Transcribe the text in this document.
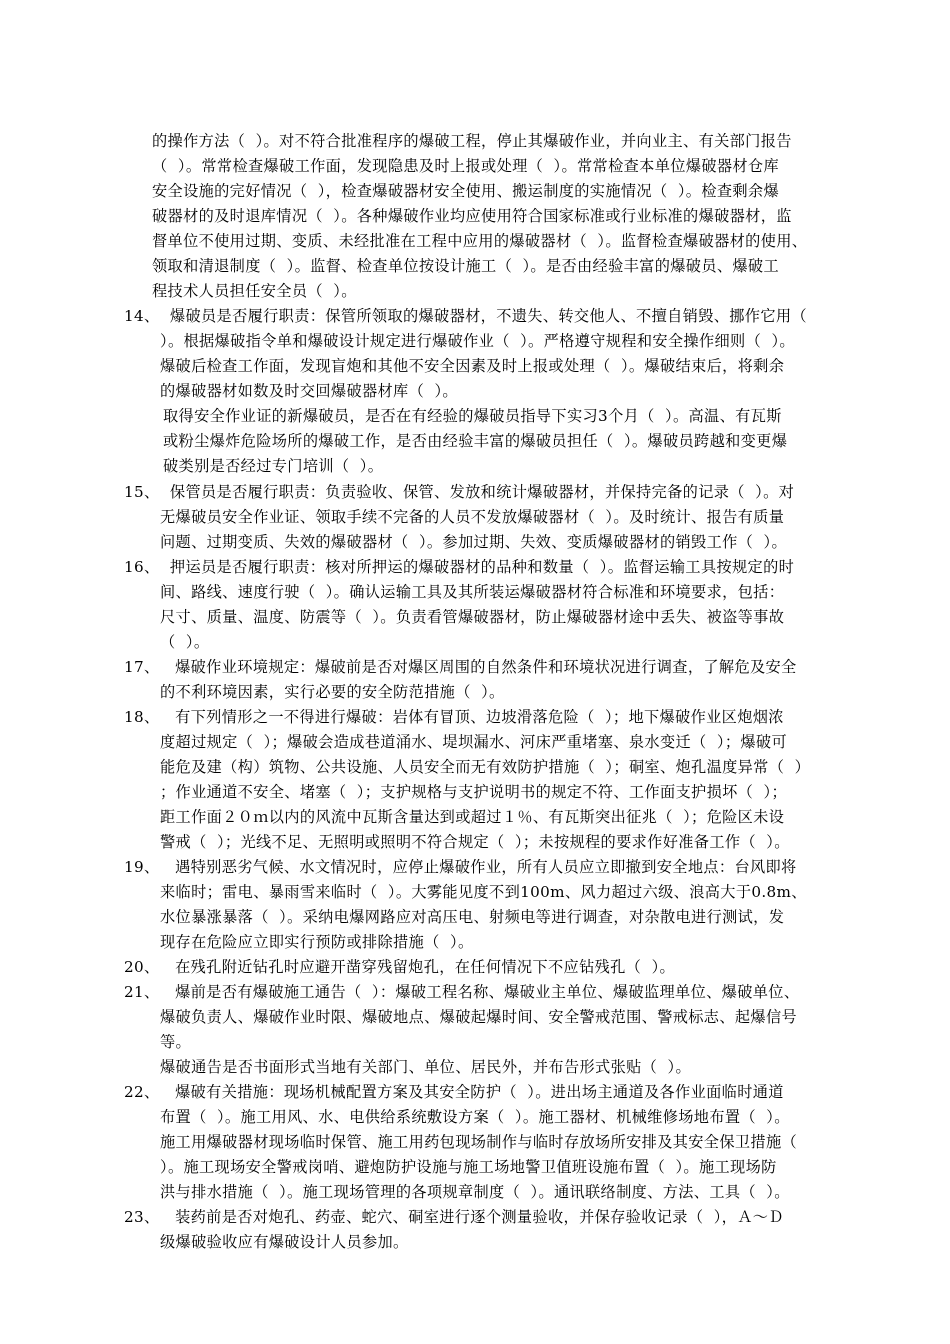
的操作方法（  ）。对不符合批准程序的爆破工程，停止其爆破作业，并向业主、有关部门报告
（  ）。常常检查爆破工作面，发现隐患及时上报或处理（  ）。常常检查本单位爆破器材仓库
安全设施的完好情况（  ），检查爆破器材安全使用、搬运制度的实施情况（  ）。检查剩余爆
破器材的及时退库情况（  ）。各种爆破作业均应使用符合国家标准或行业标准的爆破器材，监
督单位不使用过期、变质、未经批准在工程中应用的爆破器材（  ）。监督检查爆破器材的使用、
领取和清退制度（  ）。监督、检查单位按设计施工（  ）。是否由经验丰富的爆破员、爆破工
程技术人员担任安全员（  ）。
14、  爆破员是否履行职责：保管所领取的爆破器材，不遗失、转交他人、不擅自销毁、挪作它用（
）。根据爆破指令单和爆破设计规定进行爆破作业（  ）。严格遵守规程和安全操作细则（  ）。
爆破后检查工作面，发现盲炮和其他不安全因素及时上报或处理（  ）。爆破结束后，将剩余
的爆破器材如数及时交回爆破器材库（  ）。
取得安全作业证的新爆破员，是否在有经验的爆破员指导下实习3个月（  ）。高温、有瓦斯
或粉尘爆炸危险场所的爆破工作，是否由经验丰富的爆破员担任（  ）。爆破员跨越和变更爆
破类别是否经过专门培训（  ）。
15、  保管员是否履行职责：负责验收、保管、发放和统计爆破器材，并保持完备的记录（  ）。对
无爆破员安全作业证、领取手续不完备的人员不发放爆破器材（  ）。及时统计、报告有质量
问题、过期变质、失效的爆破器材（  ）。参加过期、失效、变质爆破器材的销毁工作（  ）。
16、  押运员是否履行职责：核对所押运的爆破器材的品种和数量（  ）。监督运输工具按规定的时
间、路线、速度行驶（  ）。确认运输工具及其所装运爆破器材符合标准和环境要求，包括：
尺寸、质量、温度、防震等（  ）。负责看管爆破器材，防止爆破器材途中丢失、被盗等事故
（  ）。
17、   爆破作业环境规定：爆破前是否对爆区周围的自然条件和环境状况进行调查，了解危及安全
的不利环境因素，实行必要的安全防范措施（  ）。
18、   有下列情形之一不得进行爆破：岩体有冒顶、边坡滑落危险（  ）；地下爆破作业区炮烟浓
度超过规定（  ）；爆破会造成巷道涌水、堤坝漏水、河床严重堵塞、泉水变迁（  ）；爆破可
能危及建（构）筑物、公共设施、人员安全而无有效防护措施（  ）；硐室、炮孔温度异常（  ）
；作业通道不安全、堵塞（  ）；支护规格与支护说明书的规定不符、工作面支护损坏（  ）；
距工作面２０ｍ以内的风流中瓦斯含量达到或超过１％、有瓦斯突出征兆（  ）；危险区未设
警戒（  ）；光线不足、无照明或照明不符合规定（  ）；未按规程的要求作好准备工作（  ）。
19、   遇特别恶劣气候、水文情况时，应停止爆破作业，所有人员应立即撤到安全地点：台风即将
来临时；雷电、暴雨雪来临时（  ）。大雾能见度不到100m、风力超过六级、浪高大于0.8m、
水位暴涨暴落（  ）。采纳电爆网路应对高压电、射频电等进行调查，对杂散电进行测试，发
现存在危险应立即实行预防或排除措施（  ）。
20、   在残孔附近钻孔时应避开凿穿残留炮孔，在任何情况下不应钻残孔（  ）。
21、   爆前是否有爆破施工通告（  ）：爆破工程名称、爆破业主单位、爆破监理单位、爆破单位、
爆破负责人、爆破作业时限、爆破地点、爆破起爆时间、安全警戒范围、警戒标志、起爆信号
等。
爆破通告是否书面形式当地有关部门、单位、居民外，并布告形式张贴（  ）。
22、   爆破有关措施：现场机械配置方案及其安全防护（  ）。进出场主通道及各作业面临时通道
布置（  ）。施工用风、水、电供给系统敷设方案（  ）。施工器材、机械维修场地布置（  ）。
施工用爆破器材现场临时保管、施工用药包现场制作与临时存放场所安排及其安全保卫措施（
）。施工现场安全警戒岗哨、避炮防护设施与施工场地警卫值班设施布置（  ）。施工现场防
洪与排水措施（  ）。施工现场管理的各项规章制度（  ）。通讯联络制度、方法、工具（  ）。
23、   装药前是否对炮孔、药壶、蛇穴、硐室进行逐个测量验收，并保存验收记录（  ），Ａ～Ｄ
级爆破验收应有爆破设计人员参加。
